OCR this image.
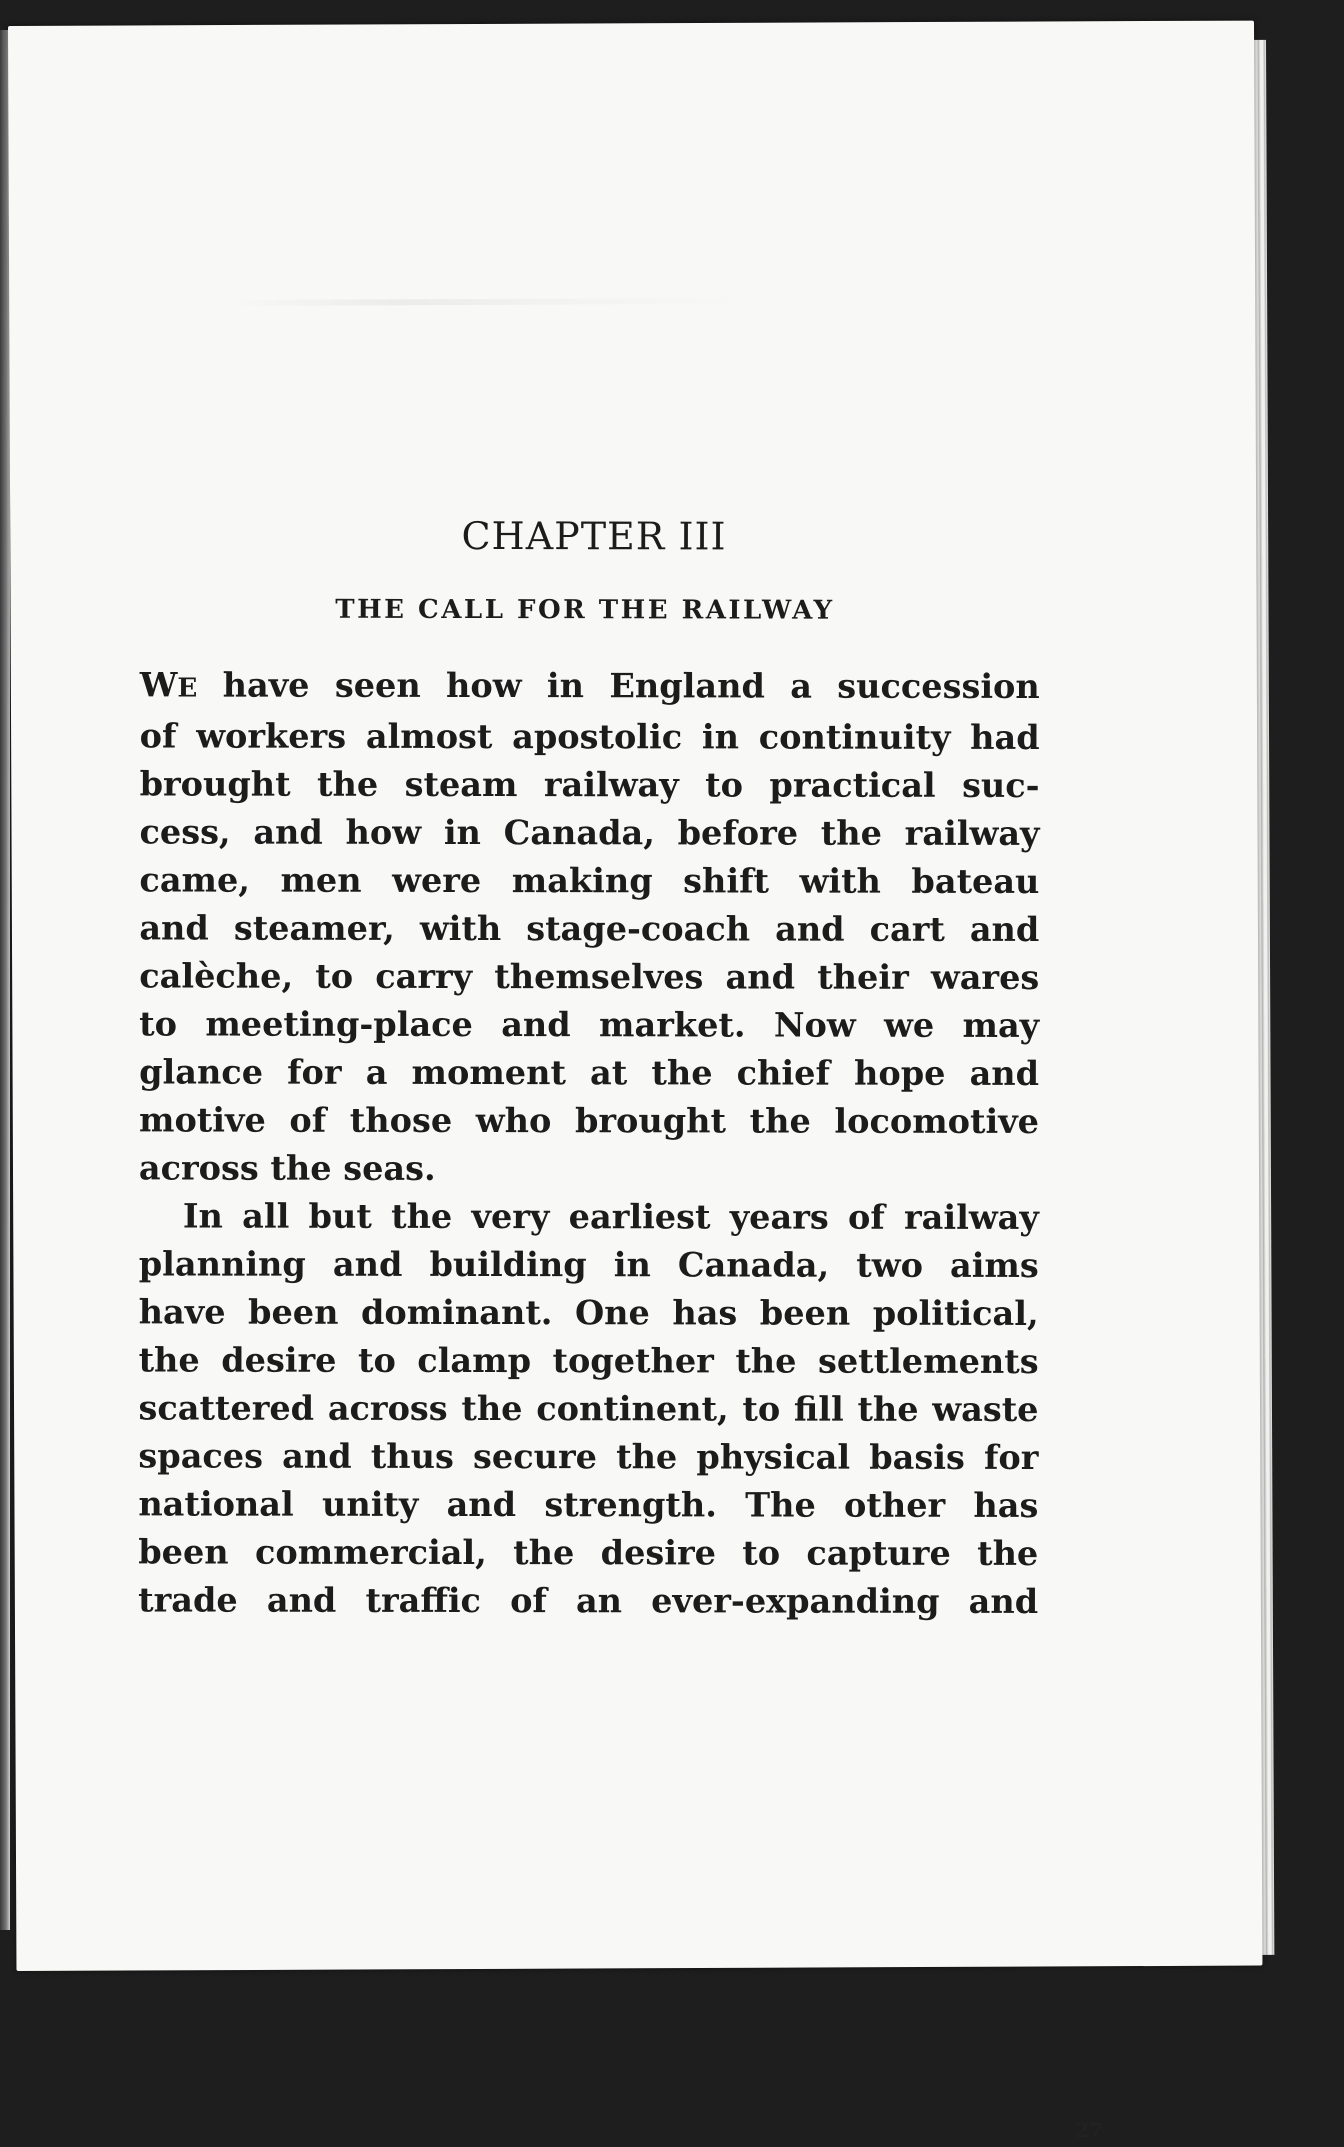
CHAPTER III
THE CALL FOR THE RAILWAY

WE have seen how in England a succession
of workers almost apostolic in continuity had
brought the steam railway to practical suc-
cess, and how in Canada, before the railway
came, men were making shift with bateau
and steamer, with stage-coach and cart and
calèche, to carry themselves and their wares
to meeting-place and market. Now we may
glance for a moment at the chief hope and
motive of those who brought the locomotive
across the seas.

In all but the very earliest years of railway
planning and building in Canada, two aims
have been dominant. One has been political,
the desire to clamp together the settlements
scattered across the continent, to fill the waste
spaces and thus secure the physical basis for
national unity and strength. The other has
been commercial, the desire to capture the
trade and traffic of an ever-expanding and

27
